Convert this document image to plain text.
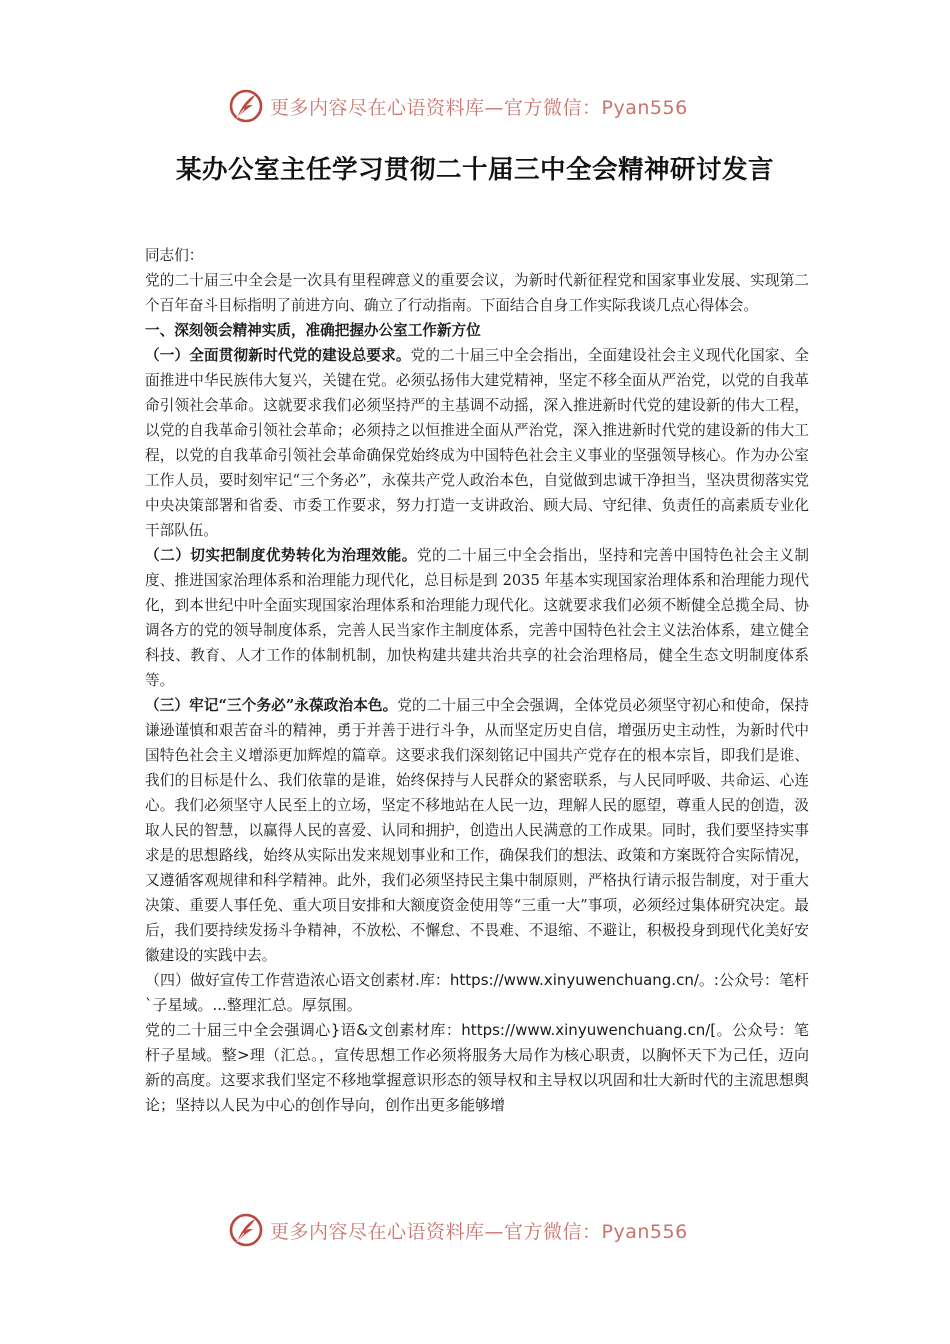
更多内容尽在心语资料库—官方微信：Pyan556
某办公室主任学习贯彻二十届三中全会精神研讨发言

同志们：

党的二十届三中全会是一次具有里程碑意义的重要会议，为新时代新征程党和国家事业发展、实现第二个百年奋斗目标指明了前进方向、确立了行动指南。下面结合自身工作实际我谈几点心得体会。

一、深刻领会精神实质，准确把握办公室工作新方位

（一）全面贯彻新时代党的建设总要求。党的二十届三中全会指出，全面建设社会主义现代化国家、全面推进中华民族伟大复兴，关键在党。必须弘扬伟大建党精神，坚定不移全面从严治党，以党的自我革命引领社会革命。这就要求我们必须坚持严的主基调不动摇，深入推进新时代党的建设新的伟大工程，以党的自我革命引领社会革命；必须持之以恒推进全面从严治党，深入推进新时代党的建设新的伟大工程，以党的自我革命引领社会革命确保党始终成为中国特色社会主义事业的坚强领导核心。作为办公室工作人员，要时刻牢记“三个务必”，永葆共产党人政治本色，自觉做到忠诚干净担当，坚决贯彻落实党中央决策部署和省委、市委工作要求，努力打造一支讲政治、顾大局、守纪律、负责任的高素质专业化干部队伍。

（二）切实把制度优势转化为治理效能。党的二十届三中全会指出，坚持和完善中国特色社会主义制度、推进国家治理体系和治理能力现代化，总目标是到 2035 年基本实现国家治理体系和治理能力现代化，到本世纪中叶全面实现国家治理体系和治理能力现代化。这就要求我们必须不断健全总揽全局、协调各方的党的领导制度体系，完善人民当家作主制度体系，完善中国特色社会主义法治体系，建立健全科技、教育、人才工作的体制机制，加快构建共建共治共享的社会治理格局，健全生态文明制度体系等。

（三）牢记“三个务必”永葆政治本色。党的二十届三中全会强调，全体党员必须坚守初心和使命，保持谦逊谨慎和艰苦奋斗的精神，勇于并善于进行斗争，从而坚定历史自信，增强历史主动性，为新时代中国特色社会主义增添更加辉煌的篇章。这要求我们深刻铭记中国共产党存在的根本宗旨，即我们是谁、我们的目标是什么、我们依靠的是谁，始终保持与人民群众的紧密联系，与人民同呼吸、共命运、心连心。我们必须坚守人民至上的立场，坚定不移地站在人民一边，理解人民的愿望，尊重人民的创造，汲取人民的智慧，以赢得人民的喜爱、认同和拥护，创造出人民满意的工作成果。同时，我们要坚持实事求是的思想路线，始终从实际出发来规划事业和工作，确保我们的想法、政策和方案既符合实际情况，又遵循客观规律和科学精神。此外，我们必须坚持民主集中制原则，严格执行请示报告制度，对于重大决策、重要人事任免、重大项目安排和大额度资金使用等“三重一大”事项，必须经过集体研究决定。最后，我们要持续发扬斗争精神，不放松、不懈怠、不畏难、不退缩、不避让，积极投身到现代化美好安徽建设的实践中去。

（四）做好宣传工作营造浓心语文创素材.库：https://www.xinyuwenchuang.cn/。:公众号：笔杆`子星域。...整理汇总。厚氛围。

党的二十届三中全会强调心}语&文创素材库：https://www.xinyuwenchuang.cn/[。公众号：笔杆子星域。整>理（汇总。，宣传思想工作必须将服务大局作为核心职责，以胸怀天下为己任，迈向新的高度。这要求我们坚定不移地掌握意识形态的领导权和主导权以巩固和壮大新时代的主流思想舆论；坚持以人民为中心的创作导向，创作出更多能够增

更多内容尽在心语资料库—官方微信：Pyan556
